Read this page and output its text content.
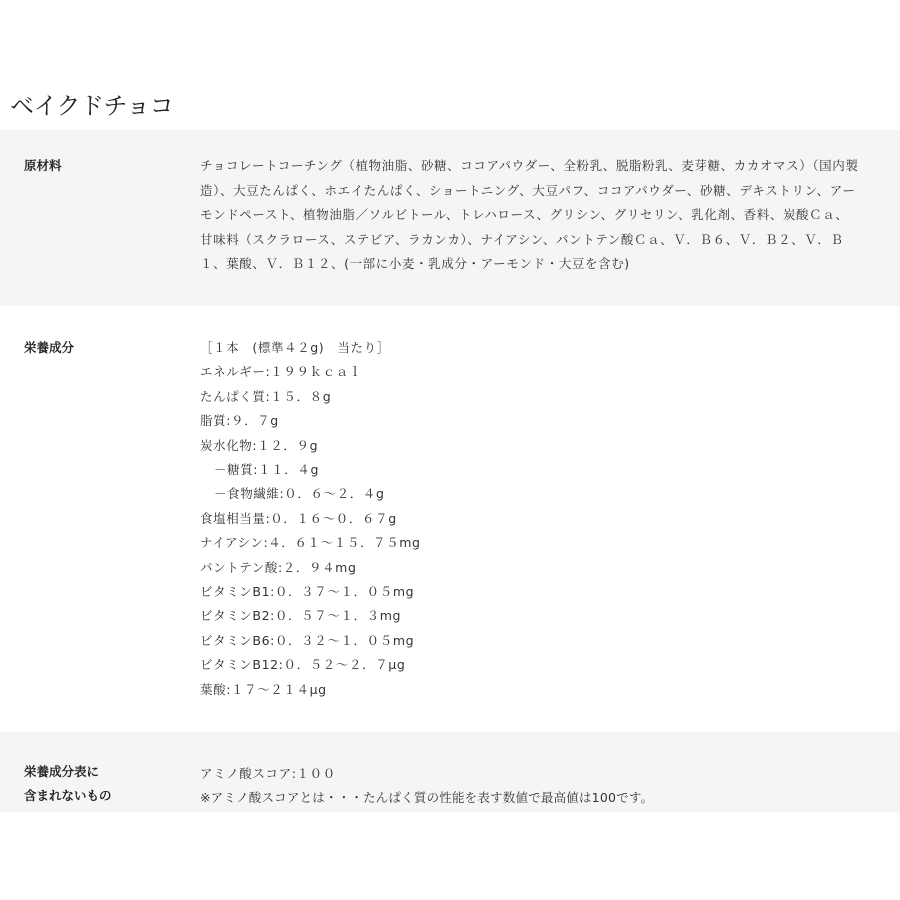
ベイクドチョコ
原材料	チョコレートコーチング（植物油脂、砂糖、ココアパウダー、全粉乳、脱脂粉乳、麦芽糖、カカオマス）（国内製造）、大豆たんぱく、ホエイたんぱく、ショートニング、大豆パフ、ココアパウダー、砂糖、デキストリン、アーモンドペースト、植物油脂／ソルビトール、トレハロース、グリシン、グリセリン、乳化剤、香料、炭酸Ｃａ、甘味料（スクラロース、ステビア、ラカンカ）、ナイアシン、パントテン酸Ｃａ、Ｖ．Ｂ６、Ｖ．Ｂ２、Ｖ．Ｂ１、葉酸、Ｖ．Ｂ１２、(一部に小麦・乳成分・アーモンド・大豆を含む)
栄養成分	［１本　(標準４２g)　当たり］
エネルギー:１９９ｋｃａｌ
たんぱく質:１５．８g
脂質:９．７g
炭水化物:１２．９g
－糖質:１１．４g
－食物繊維:０．６～２．４g
食塩相当量:０．１６～０．６７g
ナイアシン:４．６１～１５．７５mg
パントテン酸:２．９４mg
ビタミンB1:０．３７～１．０５mg
ビタミンB2:０．５７～１．３mg
ビタミンB6:０．３２～１．０５mg
ビタミンB12:０．５２～２．７μg
葉酸:１７～２１４μg
栄養成分表に
含まれないもの
アミノ酸スコア:１００
※アミノ酸スコアとは・・・たんぱく質の性能を表す数値で最高値は100です。
